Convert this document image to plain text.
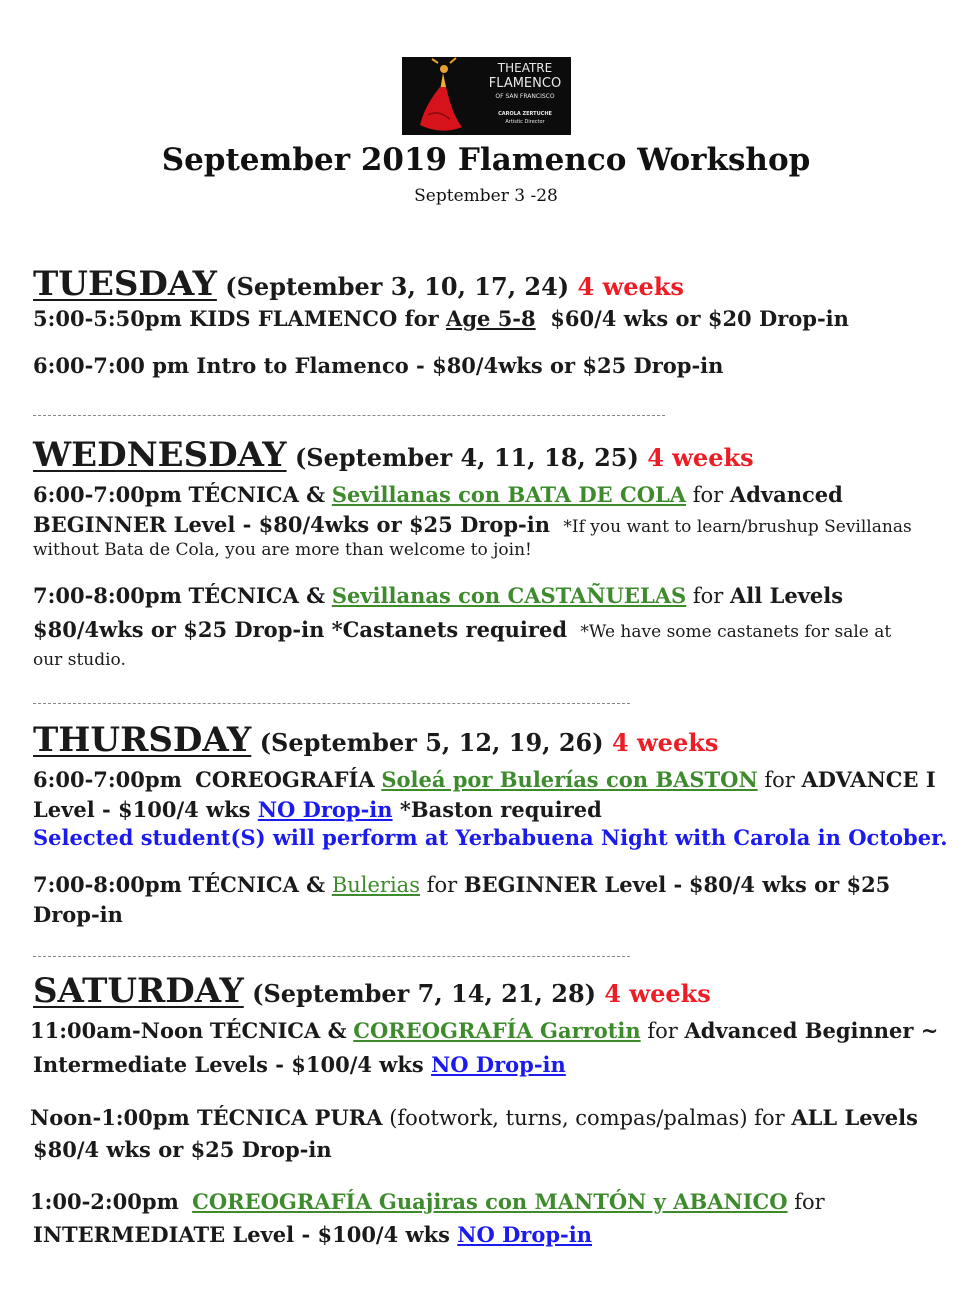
THEATRE
FLAMENCO
OF SAN FRANCISCO
CAROLA ZERTUCHE
Artistic Director
September 2019 Flamenco Workshop
September 3 -28
TUESDAY (September 3, 10, 17, 24) 4 weeks
5:00-5:50pm KIDS FLAMENCO for Age 5-8 $60/4 wks or $20 Drop-in
6:00-7:00 pm Intro to Flamenco - $80/4wks or $25 Drop-in
WEDNESDAY (September 4, 11, 18, 25) 4 weeks
6:00-7:00pm TÉCNICA & Sevillanas con BATA DE COLA for Advanced
BEGINNER Level - $80/4wks or $25 Drop-in *If you want to learn/brushup Sevillanas
without Bata de Cola, you are more than welcome to join!
7:00-8:00pm TÉCNICA & Sevillanas con CASTAÑUELAS for All Levels
$80/4wks or $25 Drop-in *Castanets required *We have some castanets for sale at
our studio.
THURSDAY (September 5, 12, 19, 26) 4 weeks
6:00-7:00pm COREOGRAFÍA Soleá por Bulerías con BASTON for ADVANCE I
Level - $100/4 wks NO Drop-in *Baston required
Selected student(S) will perform at Yerbabuena Night with Carola in October.
7:00-8:00pm TÉCNICA & Bulerias for BEGINNER Level - $80/4 wks or $25
Drop-in
SATURDAY (September 7, 14, 21, 28) 4 weeks
11:00am-Noon TÉCNICA & COREOGRAFÍA Garrotin for Advanced Beginner ~
Intermediate Levels - $100/4 wks NO Drop-in
Noon-1:00pm TÉCNICA PURA (footwork, turns, compas/palmas) for ALL Levels
$80/4 wks or $25 Drop-in
1:00-2:00pm COREOGRAFÍA Guajiras con MANTÓN y ABANICO for
INTERMEDIATE Level - $100/4 wks NO Drop-in
